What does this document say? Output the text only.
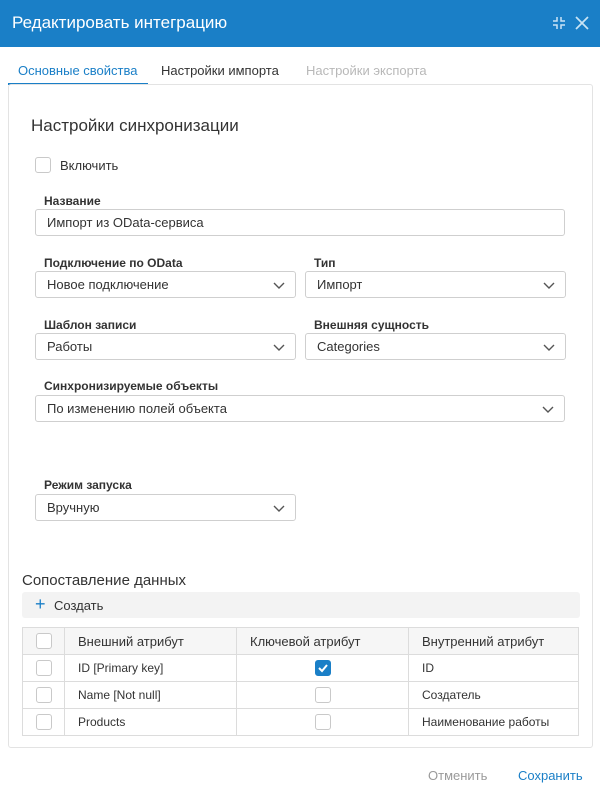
Редактировать интеграцию
Основные свойства Настройки импорта Настройки экспорта
Настройки синхронизации
Включить
Название
Импорт из OData-сервиса
Подключение по OData
Новое подключение
Тип
Импорт
Шаблон записи
Работы
Внешняя сущность
Categories
Синхронизируемые объекты
По изменению полей объекта
Режим запуска
Вручную
Сопоставление данных
+ Создать
	Внешний атрибут	Ключевой атрибут	Внутренний атрибут

	ID [Primary key]		ID

	Name [Not null]		Создатель

	Products		Наименование работы
Отменить Сохранить
